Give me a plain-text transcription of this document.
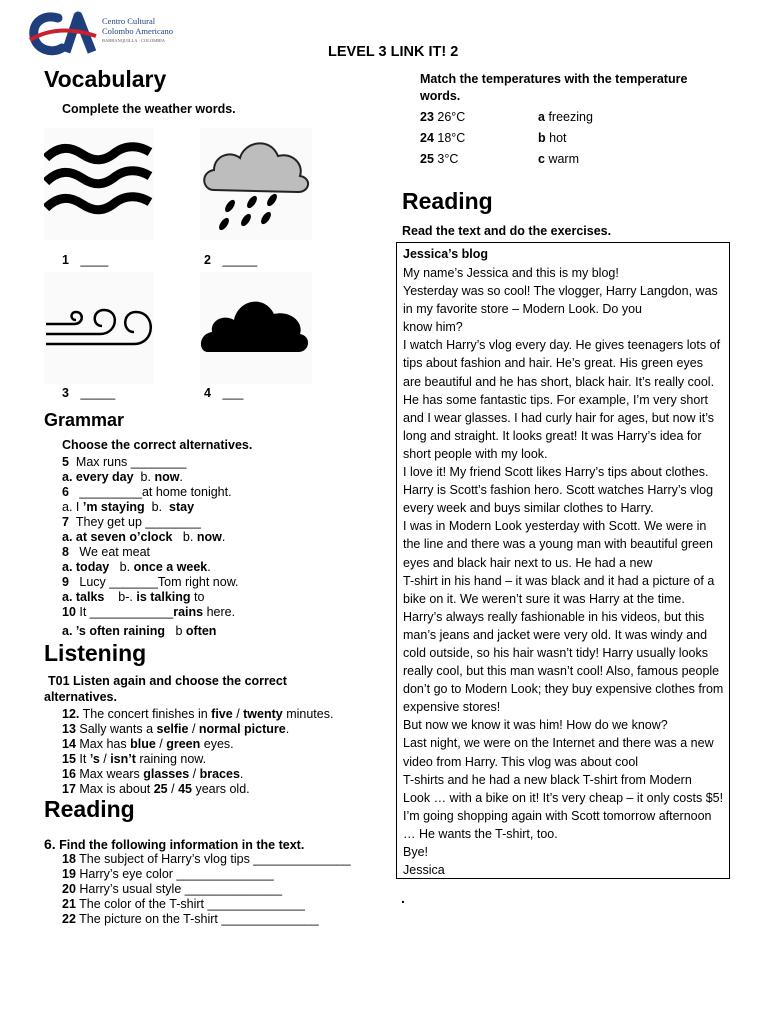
Centro Cultural
Colombo Americano
BARRANQUILLA · COLOMBIA
LEVEL 3 LINK IT! 2
Vocabulary
Complete the weather words.
1 ____	2 _____
3 _____	4 ___
Grammar
Choose the correct alternatives.
5 Max runs ________
a. every day b. now.
6 _________at home tonight.
a. I ’m staying b. stay
7 They get up ________
a. at seven o’clock b. now.
8 We eat meat
a. today b. once a week.
9 Lucy _______Tom right now.
a. talks b-. is talking to
10 It ____________rains here.
a. ’s often raining b often
Listening
T01 Listen again and choose the correct
alternatives.
12. The concert finishes in five / twenty minutes.
13 Sally wants a selfie / normal picture.
14 Max has blue / green eyes.
15 It ’s / isn’t raining now.
16 Max wears glasses / braces.
17 Max is about 25 / 45 years old.
Reading
6. Find the following information in the text.
18 The subject of Harry’s vlog tips ______________
19 Harry’s eye color ______________
20 Harry’s usual style ______________
21 The color of the T-shirt ______________
22 The picture on the T-shirt ______________
Match the temperatures with the temperature
words.
23 26°C	a freezing
24 18°C	b hot
25 3°C	c warm
Reading
Read the text and do the exercises.
Jessica’s blog
My name’s Jessica and this is my blog!
Yesterday was so cool! The vlogger, Harry Langdon, was
in my favorite store – Modern Look. Do you
know him?
I watch Harry’s vlog every day. He gives teenagers lots of
tips about fashion and hair. He’s great. His green eyes
are beautiful and he has short, black hair. It’s really cool.
He has some fantastic tips. For example, I’m very short
and I wear glasses. I had curly hair for ages, but now it’s
long and straight. It looks great! It was Harry’s idea for
short people with my look.
I love it! My friend Scott likes Harry’s tips about clothes.
Harry is Scott’s fashion hero. Scott watches Harry’s vlog
every week and buys similar clothes to Harry.
I was in Modern Look yesterday with Scott. We were in
the line and there was a young man with beautiful green
eyes and black hair next to us. He had a new
T-shirt in his hand – it was black and it had a picture of a
bike on it. We weren’t sure it was Harry at the time.
Harry’s always really fashionable in his videos, but this
man’s jeans and jacket were very old. It was windy and
cold outside, so his hair wasn’t tidy! Harry usually looks
really cool, but this man wasn’t cool! Also, famous people
don’t go to Modern Look; they buy expensive clothes from
expensive stores!
But now we know it was him! How do we know?
Last night, we were on the Internet and there was a new
video from Harry. This vlog was about cool
T-shirts and he had a new black T-shirt from Modern
Look … with a bike on it! It’s very cheap – it only costs $5!
I’m going shopping again with Scott tomorrow afternoon
… He wants the T-shirt, too.
Bye!
Jessica
.
